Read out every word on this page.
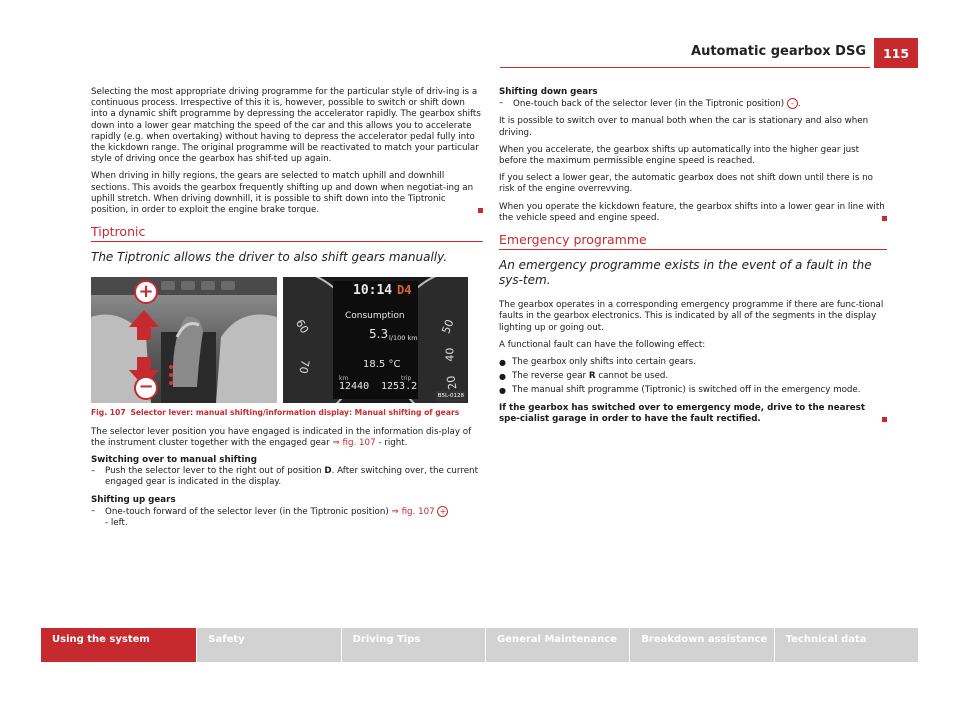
Automatic gearbox DSG	115

Selecting the most appropriate driving programme for the particular style of driv-ing is a continuous process. Irrespective of this it is, however, possible to switch or shift down into a dynamic shift programme by depressing the accelerator rapidly. The gearbox shifts down into a lower gear matching the speed of the car and this allows you to accelerate rapidly (e.g. when overtaking) without having to depress the accelerator pedal fully into the kickdown range. The original programme will be reactivated to match your particular style of driving once the gearbox has shif-ted up again.

When driving in hilly regions, the gears are selected to match uphill and downhill sections. This avoids the gearbox frequently shifting up and down when negotiat-ing an uphill stretch. When driving downhill, it is possible to shift down into the Tiptronic position, in order to exploit the engine brake torque.

Tiptronic
The Tiptronic allows the driver to also shift gears manually.
+
−
10:14 D4
Consumption
5.3 l/100 km
18.5 °C
km	trip
12440 1253.2
60
70
50
40
20
B5L-0128
Fig. 107 Selector lever: manual shifting/information display: Manual shifting of gears

The selector lever position you have engaged is indicated in the information dis-play of the instrument cluster together with the engaged gear ⇒ fig. 107 - right.

Switching over to manual shifting
–	Push the selector lever to the right out of position D. After switching over, the current engaged gear is indicated in the display.
Shifting up gears
–	One-touch forward of the selector lever (in the Tiptronic position) ⇒ fig. 107 +
- left.
Shifting down gears
–	One-touch back of the selector lever (in the Tiptronic position) - .

It is possible to switch over to manual both when the car is stationary and also when driving.

When you accelerate, the gearbox shifts up automatically into the higher gear just before the maximum permissible engine speed is reached.

If you select a lower gear, the automatic gearbox does not shift down until there is no risk of the engine overrevving.

When you operate the kickdown feature, the gearbox shifts into a lower gear in line with the vehicle speed and engine speed.

Emergency programme
An emergency programme exists in the event of a fault in the sys-tem.

The gearbox operates in a corresponding emergency programme if there are func-tional faults in the gearbox electronics. This is indicated by all of the segments in the display lighting up or going out.

A functional fault can have the following effect:

● The gearbox only shifts into certain gears.
● The reverse gear R cannot be used.
● The manual shift programme (Tiptronic) is switched off in the emergency mode.

If the gearbox has switched over to emergency mode, drive to the nearest spe-cialist garage in order to have the fault rectified.

Using the system	Safety	Driving Tips	General Maintenance	Breakdown assistance	Technical data
